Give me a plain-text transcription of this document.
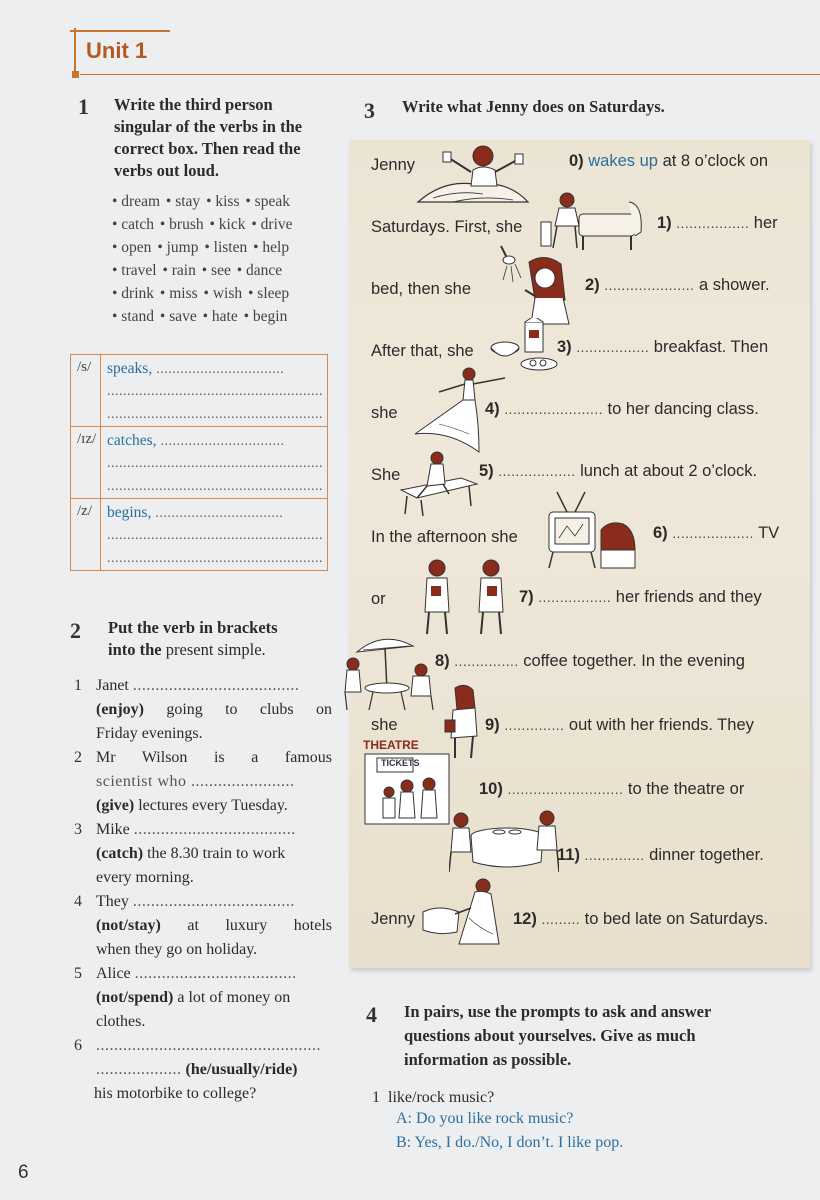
Unit 1
1 Write the third person
singular of the verbs in the
correct box. Then read the
verbs out loud.
• dream • stay • kiss • speak
• catch • brush • kick • drive
• open • jump • listen • help
• travel • rain • see • dance
• drink • miss • wish • sleep
• stand • save • hate • begin
/s/	speaks, ................................
......................................................
......................................................

/ɪz/	catches, ...............................
......................................................
......................................................

/z/	begins, ................................
......................................................
......................................................
2 Put the verb in brackets
into the present simple.
1 Janet .....................................
(enjoy) going to clubs on
Friday evenings.
2 Mr Wilson is a famous
scientist who .......................
(give) lectures every Tuesday.
3 Mike ....................................
(catch) the 8.30 train to work
every morning.
4 They ....................................
(not/stay) at luxury hotels
when they go on holiday.
5 Alice ....................................
(not/spend) a lot of money on
clothes.
6 ..................................................
................... (he/usually/ride)
his motorbike to college?
3 Write what Jenny does on Saturdays.
Jenny	0) wakes up at 8 o’clock on
Saturdays. First, she	1) ................. her
bed, then she	2) ..................... a shower.
After that, she	3) ................. breakfast. Then
she	4) ....................... to her dancing class.
She	5) .................. lunch at about 2 o’clock.
In the afternoon she	6) ................... TV
or	7) ................. her friends and they
8) ............... coffee together. In the evening
she	9) .............. out with her friends. They
THEATRE
TICKETS
10) ........................... to the theatre or
11) .............. dinner together.
Jenny	12) ......... to bed late on Saturdays.
4 In pairs, use the prompts to ask and answer
questions about yourselves. Give as much
information as possible.
1 like/rock music?
A: Do you like rock music?
B: Yes, I do./No, I don’t. I like pop.
6
